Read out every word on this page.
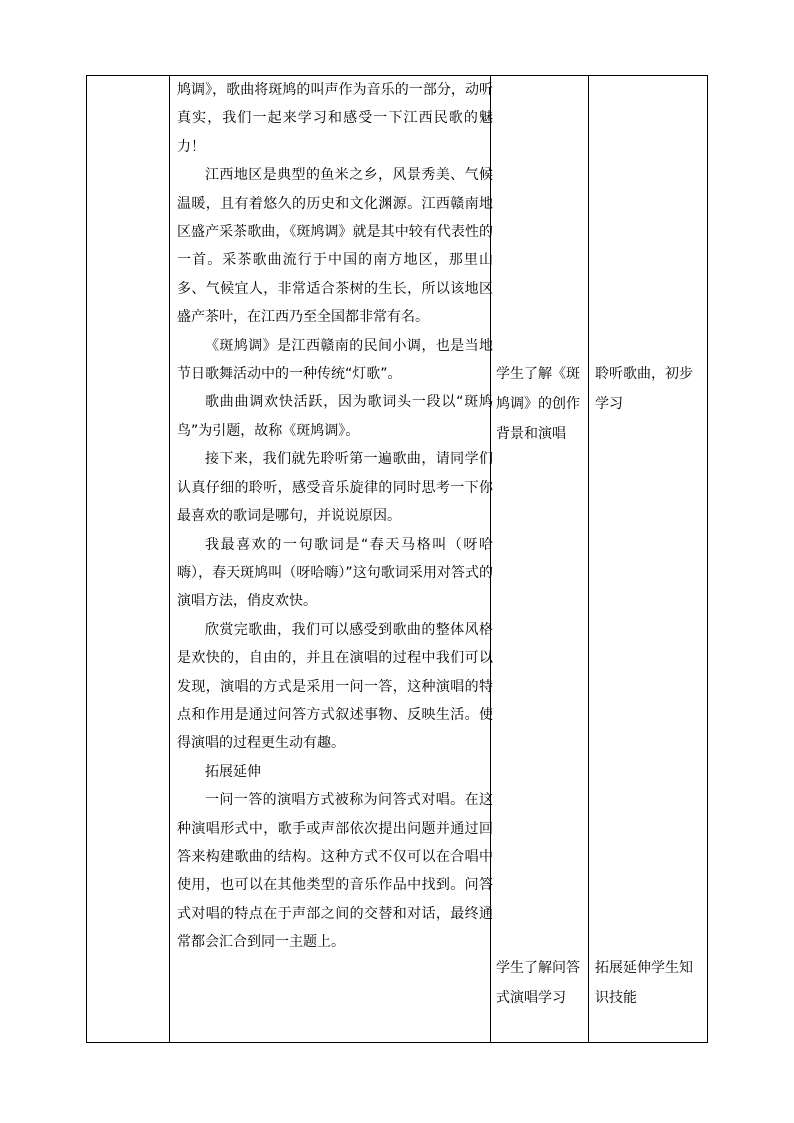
鸠调》，歌曲将斑鸠的叫声作为音乐的一部分，动听真实，我们一起来学习和感受一下江西民歌的魅力！

江西地区是典型的鱼米之乡，风景秀美、气候温暖，且有着悠久的历史和文化渊源。江西赣南地区盛产采茶歌曲，《斑鸠调》就是其中较有代表性的一首。采茶歌曲流行于中国的南方地区，那里山多、气候宜人，非常适合茶树的生长，所以该地区盛产茶叶，在江西乃至全国都非常有名。

《斑鸠调》是江西赣南的民间小调，也是当地节日歌舞活动中的一种传统“灯歌”。

歌曲曲调欢快活跃，因为歌词头一段以“斑鸠鸟”为引题，故称《斑鸠调》。

接下来，我们就先聆听第一遍歌曲，请同学们认真仔细的聆听，感受音乐旋律的同时思考一下你最喜欢的歌词是哪句，并说说原因。

我最喜欢的一句歌词是“春天马格叫（呀哈嗨），春天斑鸠叫（呀哈嗨）”这句歌词采用对答式的演唱方法，俏皮欢快。

欣赏完歌曲，我们可以感受到歌曲的整体风格是欢快的，自由的，并且在演唱的过程中我们可以发现，演唱的方式是采用一问一答，这种演唱的特点和作用是通过问答方式叙述事物、反映生活。使得演唱的过程更生动有趣。

拓展延伸

一问一答的演唱方式被称为问答式对唱。在这种演唱形式中，歌手或声部依次提出问题并通过回答来构建歌曲的结构。这种方式不仅可以在合唱中使用，也可以在其他类型的音乐作品中找到。问答式对唱的特点在于声部之间的交替和对话，最终通常都会汇合到同一主题上。

学生了解《斑鸠调》的创作背景和演唱

学生了解问答式演唱学习

聆听歌曲，初步学习

拓展延伸学生知识技能
